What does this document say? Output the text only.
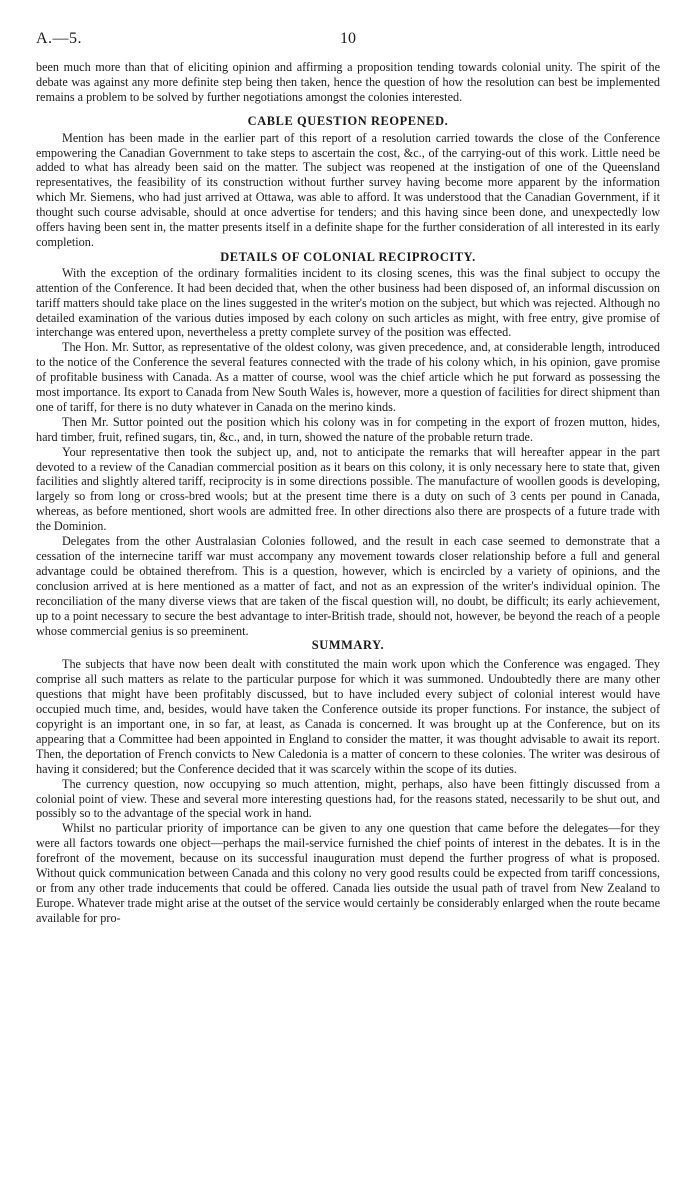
A.—5.	10

been much more than that of eliciting opinion and affirming a proposition tending towards colonial unity. The spirit of the debate was against any more definite step being then taken, hence the question of how the resolution can best be implemented remains a problem to be solved by further negotiations amongst the colonies interested.

CABLE QUESTION REOPENED.

Mention has been made in the earlier part of this report of a resolution carried towards the close of the Conference empowering the Canadian Government to take steps to ascertain the cost, &c., of the carrying-out of this work. Little need be added to what has already been said on the matter. The subject was reopened at the instigation of one of the Queensland representatives, the feasibility of its construction without further survey having become more apparent by the information which Mr. Siemens, who had just arrived at Ottawa, was able to afford. It was understood that the Canadian Government, if it thought such course advisable, should at once advertise for tenders; and this having since been done, and unexpectedly low offers having been sent in, the matter presents itself in a definite shape for the further consideration of all interested in its early completion.

DETAILS OF COLONIAL RECIPROCITY.

With the exception of the ordinary formalities incident to its closing scenes, this was the final subject to occupy the attention of the Conference. It had been decided that, when the other business had been disposed of, an informal discussion on tariff matters should take place on the lines suggested in the writer's motion on the subject, but which was rejected. Although no detailed examination of the various duties imposed by each colony on such articles as might, with free entry, give promise of interchange was entered upon, nevertheless a pretty complete survey of the position was effected.

The Hon. Mr. Suttor, as representative of the oldest colony, was given precedence, and, at considerable length, introduced to the notice of the Conference the several features connected with the trade of his colony which, in his opinion, gave promise of profitable business with Canada. As a matter of course, wool was the chief article which he put forward as possessing the most importance. Its export to Canada from New South Wales is, however, more a question of facilities for direct shipment than one of tariff, for there is no duty whatever in Canada on the merino kinds.

Then Mr. Suttor pointed out the position which his colony was in for competing in the export of frozen mutton, hides, hard timber, fruit, refined sugars, tin, &c., and, in turn, showed the nature of the probable return trade.

Your representative then took the subject up, and, not to anticipate the remarks that will hereafter appear in the part devoted to a review of the Canadian commercial position as it bears on this colony, it is only necessary here to state that, given facilities and slightly altered tariff, reciprocity is in some directions possible. The manufacture of woollen goods is developing, largely so from long or cross-bred wools; but at the present time there is a duty on such of 3 cents per pound in Canada, whereas, as before mentioned, short wools are admitted free. In other directions also there are prospects of a future trade with the Dominion.

Delegates from the other Australasian Colonies followed, and the result in each case seemed to demonstrate that a cessation of the internecine tariff war must accompany any movement towards closer relationship before a full and general advantage could be obtained therefrom. This is a question, however, which is encircled by a variety of opinions, and the conclusion arrived at is here mentioned as a matter of fact, and not as an expression of the writer's individual opinion. The reconciliation of the many diverse views that are taken of the fiscal question will, no doubt, be difficult; its early achievement, up to a point necessary to secure the best advantage to inter-British trade, should not, however, be beyond the reach of a people whose commercial genius is so preeminent.

SUMMARY.

The subjects that have now been dealt with constituted the main work upon which the Conference was engaged. They comprise all such matters as relate to the particular purpose for which it was summoned. Undoubtedly there are many other questions that might have been profitably discussed, but to have included every subject of colonial interest would have occupied much time, and, besides, would have taken the Conference outside its proper functions. For instance, the subject of copyright is an important one, in so far, at least, as Canada is concerned. It was brought up at the Conference, but on its appearing that a Committee had been appointed in England to consider the matter, it was thought advisable to await its report. Then, the deportation of French convicts to New Caledonia is a matter of concern to these colonies. The writer was desirous of having it considered; but the Conference decided that it was scarcely within the scope of its duties.

The currency question, now occupying so much attention, might, perhaps, also have been fittingly discussed from a colonial point of view. These and several more interesting questions had, for the reasons stated, necessarily to be shut out, and possibly so to the advantage of the special work in hand.

Whilst no particular priority of importance can be given to any one question that came before the delegates—for they were all factors towards one object—perhaps the mail-service furnished the chief points of interest in the debates. It is in the forefront of the movement, because on its successful inauguration must depend the further progress of what is proposed. Without quick communication between Canada and this colony no very good results could be expected from tariff concessions, or from any other trade inducements that could be offered. Canada lies outside the usual path of travel from New Zealand to Europe. Whatever trade might arise at the outset of the service would certainly be considerably enlarged when the route became available for pro-
